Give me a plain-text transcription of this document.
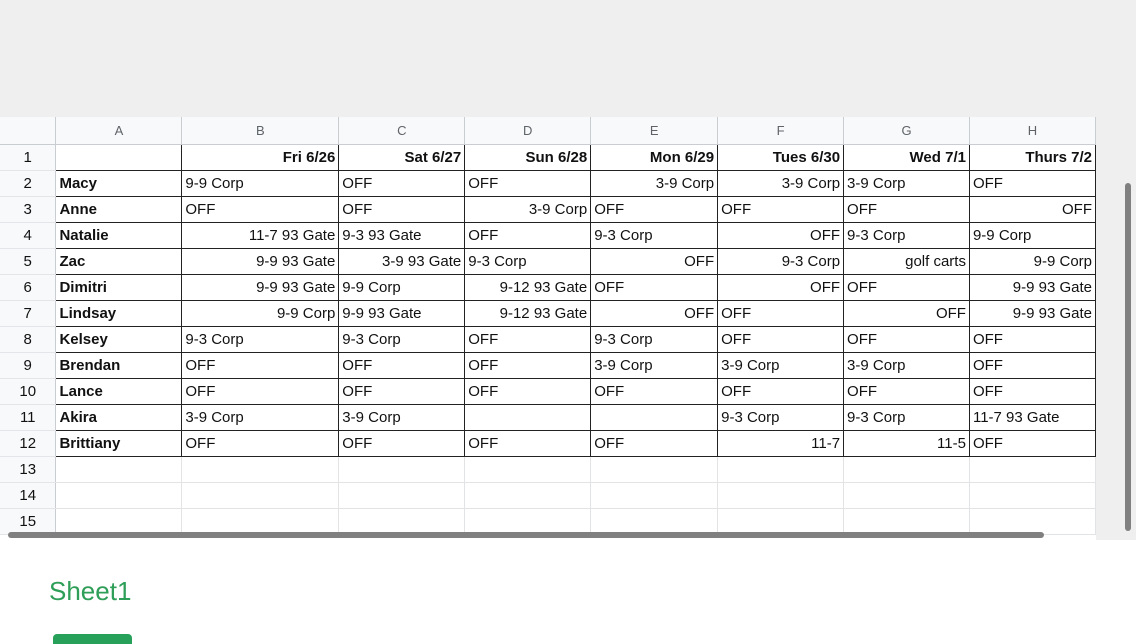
	A	B	C	D	E	F	G	H
1		Fri 6/26	Sat 6/27	Sun 6/28	Mon 6/29	Tues 6/30	Wed 7/1	Thurs 7/2
2	Macy	9-9 Corp	OFF	OFF	3-9 Corp	3-9 Corp	3-9 Corp	OFF
3	Anne	OFF	OFF	3-9 Corp	OFF	OFF	OFF	OFF
4	Natalie	11-7 93 Gate	9-3 93 Gate	OFF	9-3 Corp	OFF	9-3 Corp	9-9 Corp
5	Zac	9-9 93 Gate	3-9 93 Gate	9-3 Corp	OFF	9-3 Corp	golf carts	9-9 Corp
6	Dimitri	9-9 93 Gate	9-9 Corp	9-12 93 Gate	OFF	OFF	OFF	9-9 93 Gate
7	Lindsay	9-9 Corp	9-9 93 Gate	9-12 93 Gate	OFF	OFF	OFF	9-9 93 Gate
8	Kelsey	9-3 Corp	9-3 Corp	OFF	9-3 Corp	OFF	OFF	OFF
9	Brendan	OFF	OFF	OFF	3-9 Corp	3-9 Corp	3-9 Corp	OFF
10	Lance	OFF	OFF	OFF	OFF	OFF	OFF	OFF
11	Akira	3-9 Corp	3-9 Corp			9-3 Corp	9-3 Corp	11-7 93 Gate
12	Brittiany	OFF	OFF	OFF	OFF	11-7	11-5	OFF
13								
14								
15								
Sheet1
